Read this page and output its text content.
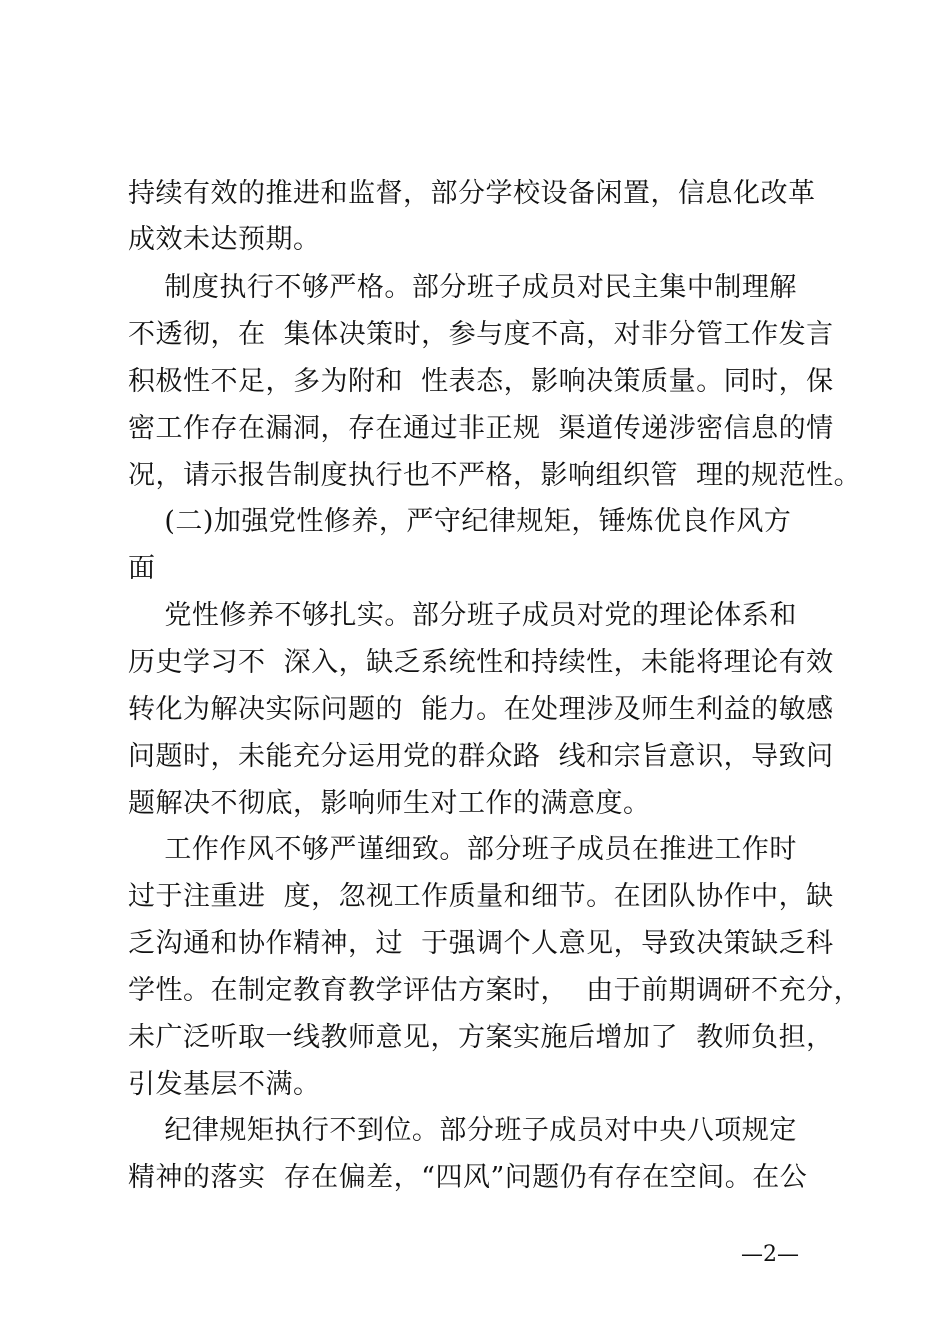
持续有效的推进和监督，部分学校设备闲置，信息化改革
成效未达预期。
制度执行不够严格。部分班子成员对民主集中制理解
不透彻，在  集体决策时，参与度不高，对非分管工作发言
积极性不足，多为附和  性表态，影响决策质量。同时，保
密工作存在漏洞，存在通过非正规  渠道传递涉密信息的情
况，请示报告制度执行也不严格，影响组织管  理的规范性。
(二)加强党性修养，严守纪律规矩，锤炼优良作风方
面
党性修养不够扎实。部分班子成员对党的理论体系和
历史学习不  深入，缺乏系统性和持续性，未能将理论有效
转化为解决实际问题的  能力。在处理涉及师生利益的敏感
问题时，未能充分运用党的群众路  线和宗旨意识，导致问
题解决不彻底，影响师生对工作的满意度。
工作作风不够严谨细致。部分班子成员在推进工作时
过于注重进  度，忽视工作质量和细节。在团队协作中，缺
乏沟通和协作精神，过  于强调个人意见，导致决策缺乏科
学性。在制定教育教学评估方案时，  由于前期调研不充分，
未广泛听取一线教师意见，方案实施后增加了  教师负担，
引发基层不满。
纪律规矩执行不到位。部分班子成员对中央八项规定
精神的落实  存在偏差，“四风”问题仍有存在空间。在公
—2—
